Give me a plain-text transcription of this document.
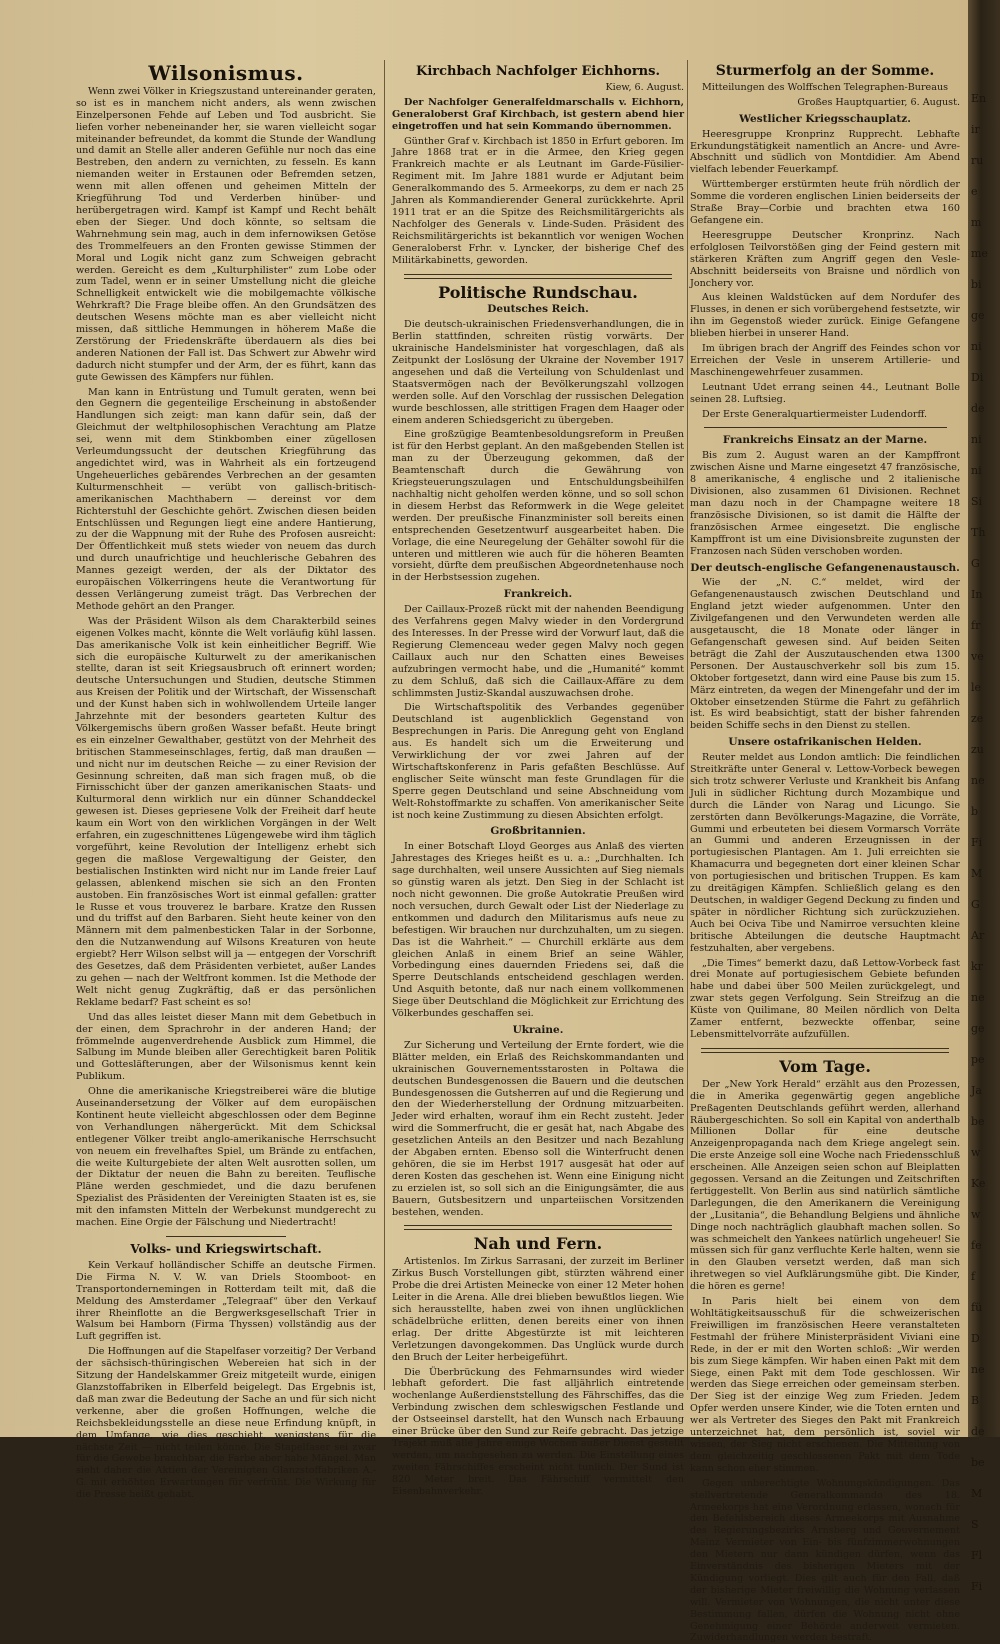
Wilsonismus.

Wenn zwei Völker in Kriegszustand untereinander geraten, so ist es in manchem nicht anders, als wenn zwischen Einzelpersonen Fehde auf Leben und Tod ausbricht. Sie liefen vorher nebeneinander her, sie waren vielleicht sogar miteinander befreundet, da kommt die Stunde der Wandlung und damit an Stelle aller anderen Gefühle nur noch das eine Bestreben, den andern zu vernichten, zu fesseln. Es kann niemanden weiter in Erstaunen oder Befremden setzen, wenn mit allen offenen und geheimen Mitteln der Kriegführung Tod und Verderben hinüber- und herübergetragen wird. Kampf ist Kampf und Recht behält eben der Sieger. Und doch könnte, so seltsam die Wahrnehmung sein mag, auch in dem infernowiksen Getöse des Trommelfeuers an den Fronten gewisse Stimmen der Moral und Logik nicht ganz zum Schweigen gebracht werden. Gereicht es dem „Kulturphilister“ zum Lobe oder zum Tadel, wenn er in seiner Umstellung nicht die gleiche Schnelligkeit entwickelt wie die mobilgemachte völkische Wehrkraft? Die Frage bleibe offen. An den Grundsätzen des deutschen Wesens möchte man es aber vielleicht nicht missen, daß sittliche Hemmungen in höherem Maße die Zerstörung der Friedenskräfte überdauern als dies bei anderen Nationen der Fall ist. Das Schwert zur Abwehr wird dadurch nicht stumpfer und der Arm, der es führt, kann das gute Gewissen des Kämpfers nur fühlen.

Man kann in Entrüstung und Tumult geraten, wenn bei den Gegnern die gegenteilige Erscheinung in abstoßender Handlungen sich zeigt: man kann dafür sein, daß der Gleichmut der weltphilosophischen Verachtung am Platze sei, wenn mit dem Stinkbomben einer zügellosen Verleumdungssucht der deutschen Kriegführung das angedichtet wird, was in Wahrheit als ein fortzeugend Ungeheuerliches gebärendes Verbrechen an der gesamten Kulturmenschheit — verübt von gallisch-britisch-amerikanischen Machthabern — dereinst vor dem Richterstuhl der Geschichte gehört. Zwischen diesen beiden Entschlüssen und Regungen liegt eine andere Hantierung, zu der die Wappnung mit der Ruhe des Profosen ausreicht: Der Öffentlichkeit muß stets wieder von neuem das durch und durch unaufrichtige und heuchlerische Gebahren des Mannes gezeigt werden, der als der Diktator des europäischen Völkerringens heute die Verantwortung für dessen Verlängerung zumeist trägt. Das Verbrechen der Methode gehört an den Pranger.

Was der Präsident Wilson als dem Charakterbild seines eigenen Volkes macht, könnte die Welt vorläufig kühl lassen. Das amerikanische Volk ist kein einheitlicher Begriff. Wie sich die europäische Kulturwelt zu der amerikanischen stellte, daran ist seit Kriegsausbruch oft erinnert worden; deutsche Untersuchungen und Studien, deutsche Stimmen aus Kreisen der Politik und der Wirtschaft, der Wissenschaft und der Kunst haben sich in wohlwollendem Urteile langer Jahrzehnte mit der besonders gearteten Kultur des Völkergemischs übern großen Wasser befaßt. Heute bringt es ein einzelner Gewalthaber, gestützt von der Mehrheit des britischen Stammeseinschlages, fertig, daß man draußen — und nicht nur im deutschen Reiche — zu einer Revision der Gesinnung schreiten, daß man sich fragen muß, ob die Firnisschicht über der ganzen amerikanischen Staats- und Kulturmoral denn wirklich nur ein dünner Schanddeckel gewesen ist. Dieses gepriesene Volk der Freiheit darf heute kaum ein Wort von den wirklichen Vorgängen in der Welt erfahren, ein zugeschnittenes Lügengewebe wird ihm täglich vorgeführt, keine Revolution der Intelligenz erhebt sich gegen die maßlose Vergewaltigung der Geister, den bestialischen Instinkten wird nicht nur im Lande freier Lauf gelassen, ablenkend mischen sie sich an den Fronten austoben. Ein französisches Wort ist einmal gefallen: gratter le Russe et vous trouverez le barbare. Kratze den Russen und du triffst auf den Barbaren. Sieht heute keiner von den Männern mit dem palmenbesticken Talar in der Sorbonne, den die Nutzanwendung auf Wilsons Kreaturen von heute ergiebt? Herr Wilson selbst will ja — entgegen der Vorschrift des Gesetzes, daß dem Präsidenten verbietet, außer Landes zu gehen — nach der Weltfront kommen. Ist die Methode der Welt nicht genug Zugkräftig, daß er das persönlichen Reklame bedarf? Fast scheint es so!

Und das alles leistet dieser Mann mit dem Gebetbuch in der einen, dem Sprachrohr in der anderen Hand; der frömmelnde augenverdrehende Ausblick zum Himmel, die Salbung im Munde bleiben aller Gerechtigkeit baren Politik und Gottesläfterungen, aber der Wilsonismus kennt kein Publikum.

Ohne die amerikanische Kriegstreiberei wäre die blutige Auseinandersetzung der Völker auf dem europäischen Kontinent heute vielleicht abgeschlossen oder dem Beginne von Verhandlungen nähergerückt. Mit dem Schicksal entlegener Völker treibt anglo-amerikanische Herrschsucht von neuem ein frevelhaftes Spiel, um Brände zu entfachen, die weite Kulturgebiete der alten Welt ausrotten sollen, um der Diktatur der neuen die Bahn zu bereiten. Teuflische Pläne werden geschmiedet, und die dazu berufenen Spezialist des Präsidenten der Vereinigten Staaten ist es, sie mit den infamsten Mitteln der Werbekunst mundgerecht zu machen. Eine Orgie der Fälschung und Niedertracht!

Volks- und Kriegswirtschaft.

Kein Verkauf holländischer Schiffe an deutsche Firmen. Die Firma N. V. W. van Driels Stoomboot- en Transportondernemingen in Rotterdam teilt mit, daß die Meldung des Amsterdamer „Telegraaf“ über den Verkauf ihrer Rheinflotte an die Bergwerksgesellschaft Trier in Walsum bei Hamborn (Firma Thyssen) vollständig aus der Luft gegriffen ist.

Die Hoffnungen auf die Stapelfaser vorzeitig? Der Verband der sächsisch-thüringischen Webereien hat sich in der Sitzung der Handelskammer Greiz mitgeteilt wurde, einigen Glanzstoffabriken in Elberfeld beigelegt. Das Ergebnis ist, daß man zwar die Bedeutung der Sache an und für sich nicht verkenne, aber die großen Hoffnungen, welche die Reichsbekleidungsstelle an diese neue Erfindung knüpft, in dem Umfange, wie dies geschieht, wenigstens für die nächste Zeit — nicht teilen könne. Die Stapelfaser sei zwar für die Gewebe brauchbar, die Farbe aber habe Mängel. Man sieht daher die Aktien der Vereinigten Glanzstoffabriken A.-G. mit erhöhten Erwartungen für verfrüht. Die Wirkung für die Presse heißt gehabt.

Kirchbach Nachfolger Eichhorns.

Kiew, 6. August.

Der Nachfolger Generalfeldmarschalls v. Eichhorn, Generaloberst Graf Kirchbach, ist gestern abend hier eingetroffen und hat sein Kommando übernommen.

Günther Graf v. Kirchbach ist 1850 in Erfurt geboren. Im Jahre 1868 trat er in die Armee, den Krieg gegen Frankreich machte er als Leutnant im Garde-Füsilier-Regiment mit. Im Jahre 1881 wurde er Adjutant beim Generalkommando des 5. Armeekorps, zu dem er nach 25 Jahren als Kommandierender General zurückkehrte. April 1911 trat er an die Spitze des Reichsmilitärgerichts als Nachfolger des Generals v. Linde-Suden. Präsident des Reichsmilitärgerichts ist bekanntlich vor wenigen Wochen Generaloberst Frhr. v. Lyncker, der bisherige Chef des Militärkabinetts, geworden.

Politische Rundschau.
Deutsches Reich.

Die deutsch-ukrainischen Friedensverhandlungen, die in Berlin stattfinden, schreiten rüstig vorwärts. Der ukrainische Handelsminister hat vorgeschlagen, daß als Zeitpunkt der Loslösung der Ukraine der November 1917 angesehen und daß die Verteilung von Schuldenlast und Staatsvermögen nach der Bevölkerungszahl vollzogen werden solle. Auf den Vorschlag der russischen Delegation wurde beschlossen, alle strittigen Fragen dem Haager oder einem anderen Schiedsgericht zu übergeben.

Eine großzügige Beamtenbesoldungsreform in Preußen ist für den Herbst geplant. An den maßgebenden Stellen ist man zu der Überzeugung gekommen, daß der Beamtenschaft durch die Gewährung von Kriegsteuerungszulagen und Entschuldungsbeihilfen nachhaltig nicht geholfen werden könne, und so soll schon in diesem Herbst das Reformwerk in die Wege geleitet werden. Der preußische Finanzminister soll bereits einen entsprechenden Gesetzentwurf ausgearbeitet haben. Die Vorlage, die eine Neuregelung der Gehälter sowohl für die unteren und mittleren wie auch für die höheren Beamten vorsieht, dürfte dem preußischen Abgeordnetenhause noch in der Herbstsession zugehen.

Frankreich.

Der Caillaux-Prozeß rückt mit der nahenden Beendigung des Verfahrens gegen Malvy wieder in den Vordergrund des Interesses. In der Presse wird der Vorwurf laut, daß die Regierung Clemenceau weder gegen Malvy noch gegen Caillaux auch nur den Schatten eines Beweises aufzubringen vermocht habe, und die „Humanité“ kommt zu dem Schluß, daß sich die Caillaux-Affäre zu dem schlimmsten Justiz-Skandal auszuwachsen drohe.

Die Wirtschaftspolitik des Verbandes gegenüber Deutschland ist augenblicklich Gegenstand von Besprechungen in Paris. Die Anregung geht von England aus. Es handelt sich um die Erweiterung und Verwirklichung der vor zwei Jahren auf der Wirtschaftskonferenz in Paris gefaßten Beschlüsse. Auf englischer Seite wünscht man feste Grundlagen für die Sperre gegen Deutschland und seine Abschneidung vom Welt-Rohstoffmarkte zu schaffen. Von amerikanischer Seite ist noch keine Zustimmung zu diesen Absichten erfolgt.

Großbritannien.

In einer Botschaft Lloyd Georges aus Anlaß des vierten Jahrestages des Krieges heißt es u. a.: „Durchhalten. Ich sage durchhalten, weil unsere Aussichten auf Sieg niemals so günstig waren als jetzt. Den Sieg in der Schlacht ist noch nicht gewonnen. Die große Autokratie Preußen wird noch versuchen, durch Gewalt oder List der Niederlage zu entkommen und dadurch den Militarismus aufs neue zu befestigen. Wir brauchen nur durchzuhalten, um zu siegen. Das ist die Wahrheit.“ — Churchill erklärte aus dem gleichen Anlaß in einem Brief an seine Wähler, Vorbedingung eines dauernden Friedens sei, daß die Sperre Deutschlands entscheidend geschlagen werden. Und Asquith betonte, daß nur nach einem vollkommenen Siege über Deutschland die Möglichkeit zur Errichtung des Völkerbundes geschaffen sei.

Ukraine.

Zur Sicherung und Verteilung der Ernte fordert, wie die Blätter melden, ein Erlaß des Reichskommandanten und ukrainischen Gouvernementsstarosten in Poltawa die deutschen Bundesgenossen die Bauern und die deutschen Bundesgenossen die Gutsherren auf und die Regierung und den der Wiederherstellung der Ordnung mitzuarbeiten. Jeder wird erhalten, worauf ihm ein Recht zusteht. Jeder wird die Sommerfrucht, die er gesät hat, nach Abgabe des gesetzlichen Anteils an den Besitzer und nach Bezahlung der Abgaben ernten. Ebenso soll die Winterfrucht denen gehören, die sie im Herbst 1917 ausgesät hat oder auf deren Kosten das geschehen ist. Wenn eine Einigung nicht zu erzielen ist, so soll sich an die Einigungsämter, die aus Bauern, Gutsbesitzern und unparteiischen Vorsitzenden bestehen, wenden.

Nah und Fern.

Artistenlos. Im Zirkus Sarrasani, der zurzeit im Berliner Zirkus Busch Vorstellungen gibt, stürzten während einer Probe die drei Artisten Meinecke von einer 12 Meter hohen Leiter in die Arena. Alle drei blieben bewußtlos liegen. Wie sich herausstellte, haben zwei von ihnen unglücklichen schädelbrüche erlitten, denen bereits einer von ihnen erlag. Der dritte Abgestürzte ist mit leichteren Verletzungen davongekommen. Das Unglück wurde durch den Bruch der Leiter herbeigeführt.

Die Überbrückung des Fehmarnsundes wird wieder lebhaft gefordert. Die fast alljährlich eintretende wochenlange Außerdienststellung des Fährschiffes, das die Verbindung zwischen dem schleswigschen Festlande und der Ostseeinsel darstellt, hat den Wunsch nach Erbauung einer Brücke über den Sund zur Reife gebracht. Das jetzige Trajekt muß alle Jahre einige Wochen außer Dienst gestellt werden, um nachgesehen zu werden. Die Einstellung eines zweiten Fährschiffes erscheint nicht tunlich. Der Sund ist 820 Meter breit. Das Fährschiff vermittelt den Eisenbahnverkehr.

Sturmerfolg an der Somme.

Mitteilungen des Wolffschen Telegraphen-Bureaus

Großes Hauptquartier, 6. August.

Westlicher Kriegsschauplatz.

Heeresgruppe Kronprinz Rupprecht. Lebhafte Erkundungstätigkeit namentlich an Ancre- und Avre-Abschnitt und südlich von Montdidier. Am Abend vielfach lebender Feuerkampf.

Württemberger erstürmten heute früh nördlich der Somme die vorderen englischen Linien beiderseits der Straße Bray—Corbie und brachten etwa 160 Gefangene ein.

Heeresgruppe Deutscher Kronprinz. Nach erfolglosen Teilvorstößen ging der Feind gestern mit stärkeren Kräften zum Angriff gegen den Vesle-Abschnitt beiderseits von Braisne und nördlich von Jonchery vor.

Aus kleinen Waldstücken auf dem Nordufer des Flusses, in denen er sich vorübergehend festsetzte, wir ihn im Gegenstoß wieder zurück. Einige Gefangene blieben hierbei in unserer Hand.

Im übrigen brach der Angriff des Feindes schon vor Erreichen der Vesle in unserem Artillerie- und Maschinengewehrfeuer zusammen.

Leutnant Udet errang seinen 44., Leutnant Bolle seinen 28. Luftsieg.

Der Erste Generalquartiermeister Ludendorff.

Frankreichs Einsatz an der Marne.

Bis zum 2. August waren an der Kampffront zwischen Aisne und Marne eingesetzt 47 französische, 8 amerikanische, 4 englische und 2 italienische Divisionen, also zusammen 61 Divisionen. Rechnet man dazu noch in der Champagne weitere 18 französische Divisionen, so ist damit die Hälfte der französischen Armee eingesetzt. Die englische Kampffront ist um eine Divisionsbreite zugunsten der Franzosen nach Süden verschoben worden.

Der deutsch-englische Gefangenenaustausch.

Wie der „N. C.“ meldet, wird der Gefangenenaustausch zwischen Deutschland und England jetzt wieder aufgenommen. Unter den Zivilgefangenen und den Verwundeten werden alle ausgetauscht, die 18 Monate oder länger in Gefangenschaft gewesen sind. Auf beiden Seiten beträgt die Zahl der Auszutauschenden etwa 1300 Personen. Der Austauschverkehr soll bis zum 15. Oktober fortgesetzt, dann wird eine Pause bis zum 15. März eintreten, da wegen der Minengefahr und der im Oktober einsetzenden Stürme die Fahrt zu gefährlich ist. Es wird beabsichtigt, statt der bisher fahrenden beiden Schiffe sechs in den Dienst zu stellen.

Unsere ostafrikanischen Helden.

Reuter meldet aus London amtlich: Die feindlichen Streitkräfte unter General v. Lettow-Vorbeck bewegen sich trotz schwerer Verluste und Krankheit bis Anfang Juli in südlicher Richtung durch Mozambique und durch die Länder von Narag und Licungo. Sie zerstörten dann Bevölkerungs-Magazine, die Vorräte, Gummi und erbeuteten bei diesem Vormarsch Vorräte an Gummi und anderen Erzeugnissen in der portugiesischen Plantagen. Am 1. Juli erreichten sie Khamacurra und begegneten dort einer kleinen Schar von portugiesischen und britischen Truppen. Es kam zu dreitägigen Kämpfen. Schließlich gelang es den Deutschen, in waldiger Gegend Deckung zu finden und später in nördlicher Richtung sich zurückzuziehen. Auch bei Ociva Tibe und Namirroe versuchten kleine britische Abteilungen die deutsche Hauptmacht festzuhalten, aber vergebens.

„Die Times“ bemerkt dazu, daß Lettow-Vorbeck fast drei Monate auf portugiesischem Gebiete befunden habe und dabei über 500 Meilen zurückgelegt, und zwar stets gegen Verfolgung. Sein Streifzug an die Küste von Quilimane, 80 Meilen nördlich von Delta Zamer entfernt, bezweckte offenbar, seine Lebensmittelvorräte aufzufüllen.

Vom Tage.

Der „New York Herald“ erzählt aus den Prozessen, die in Amerika gegenwärtig gegen angebliche Preßagenten Deutschlands geführt werden, allerhand Räubergeschichten. So soll ein Kapital von anderthalb Millionen Dollar für eine deutsche Anzeigenpropaganda nach dem Kriege angelegt sein. Die erste Anzeige soll eine Woche nach Friedensschluß erscheinen. Alle Anzeigen seien schon auf Bleiplatten gegossen. Versand an die Zeitungen und Zeitschriften fertiggestellt. Von Berlin aus sind natürlich sämtliche Darlegungen, die den Amerikanern die Vereinigung der „Lusitania“, die Behandlung Belgiens und ähnliche Dinge noch nachträglich glaubhaft machen sollen. So was schmeichelt den Yankees natürlich ungeheuer! Sie müssen sich für ganz verfluchte Kerle halten, wenn sie in den Glauben versetzt werden, daß man sich ihretwegen so viel Aufklärungsmühe gibt. Die Kinder, die hören es gerne!

In Paris hielt bei einem von dem Wohltätigkeitsausschuß für die schweizerischen Freiwilligen im französischen Heere veranstalteten Festmahl der frühere Ministerpräsident Viviani eine Rede, in der er mit den Worten schloß: „Wir werden bis zum Siege kämpfen. Wir haben einen Pakt mit dem Siege, einen Pakt mit dem Tode geschlossen. Wir werden das Siege erreichen oder gemeinsam sterben. Der Sieg ist der einzige Weg zum Frieden. Jedem Opfer werden unsere Kinder, wie die Toten ernten und wer als Vertreter des Sieges den Pakt mit Frankreich unterzeichnet hat, dem persönlich ist, soviel wir wissen, der Sieg nicht erschienen. Die Mitteilung von dem gleichzeitig geschlossenen Pakt mit dem Tode kann schon eher stimmen.

Gegen unberechtigte Wohnungskündigungen. Das stellvertretende Generalkommando des 18. Armeekorps hat eine Verordnung erlassen, wonach für den Befehlsbereich dieses Armeekorps mit Ausnahme des Regierungsbezirks Arnsberg und Gouvernement Mainz Vermieter von Ein- bis fünfzimmerwohnungen den Mietern nur dann kündigen dürfen, wenn das Einverständnis des bisherigen Mieters mit der Kündigung vorliegt. Dies gilt auch für den Fall, daß der bisherige Mieter freiwillig die Wohnung verlassen will. Vermieter von Wohnungen, die nicht unter diese Bestimmung fallen, dürfen die Wohnung nicht ohne Genehmigung einer Behörde anderweit vermieten. Zuwiderhandlungen werden bestraft.

En
ir
ru
e
m
me
bi
ge
ni
Di
de
ni
ni
Si
Th
G
In
fr
ve
le
ze
zu
ne
b
Fi
M
G
Ar
kr
ne
ge
pe
Ja
be
w
Ke
w
fe
f
fü
D
ne
B
de
be
M
S
Fl
Fi
